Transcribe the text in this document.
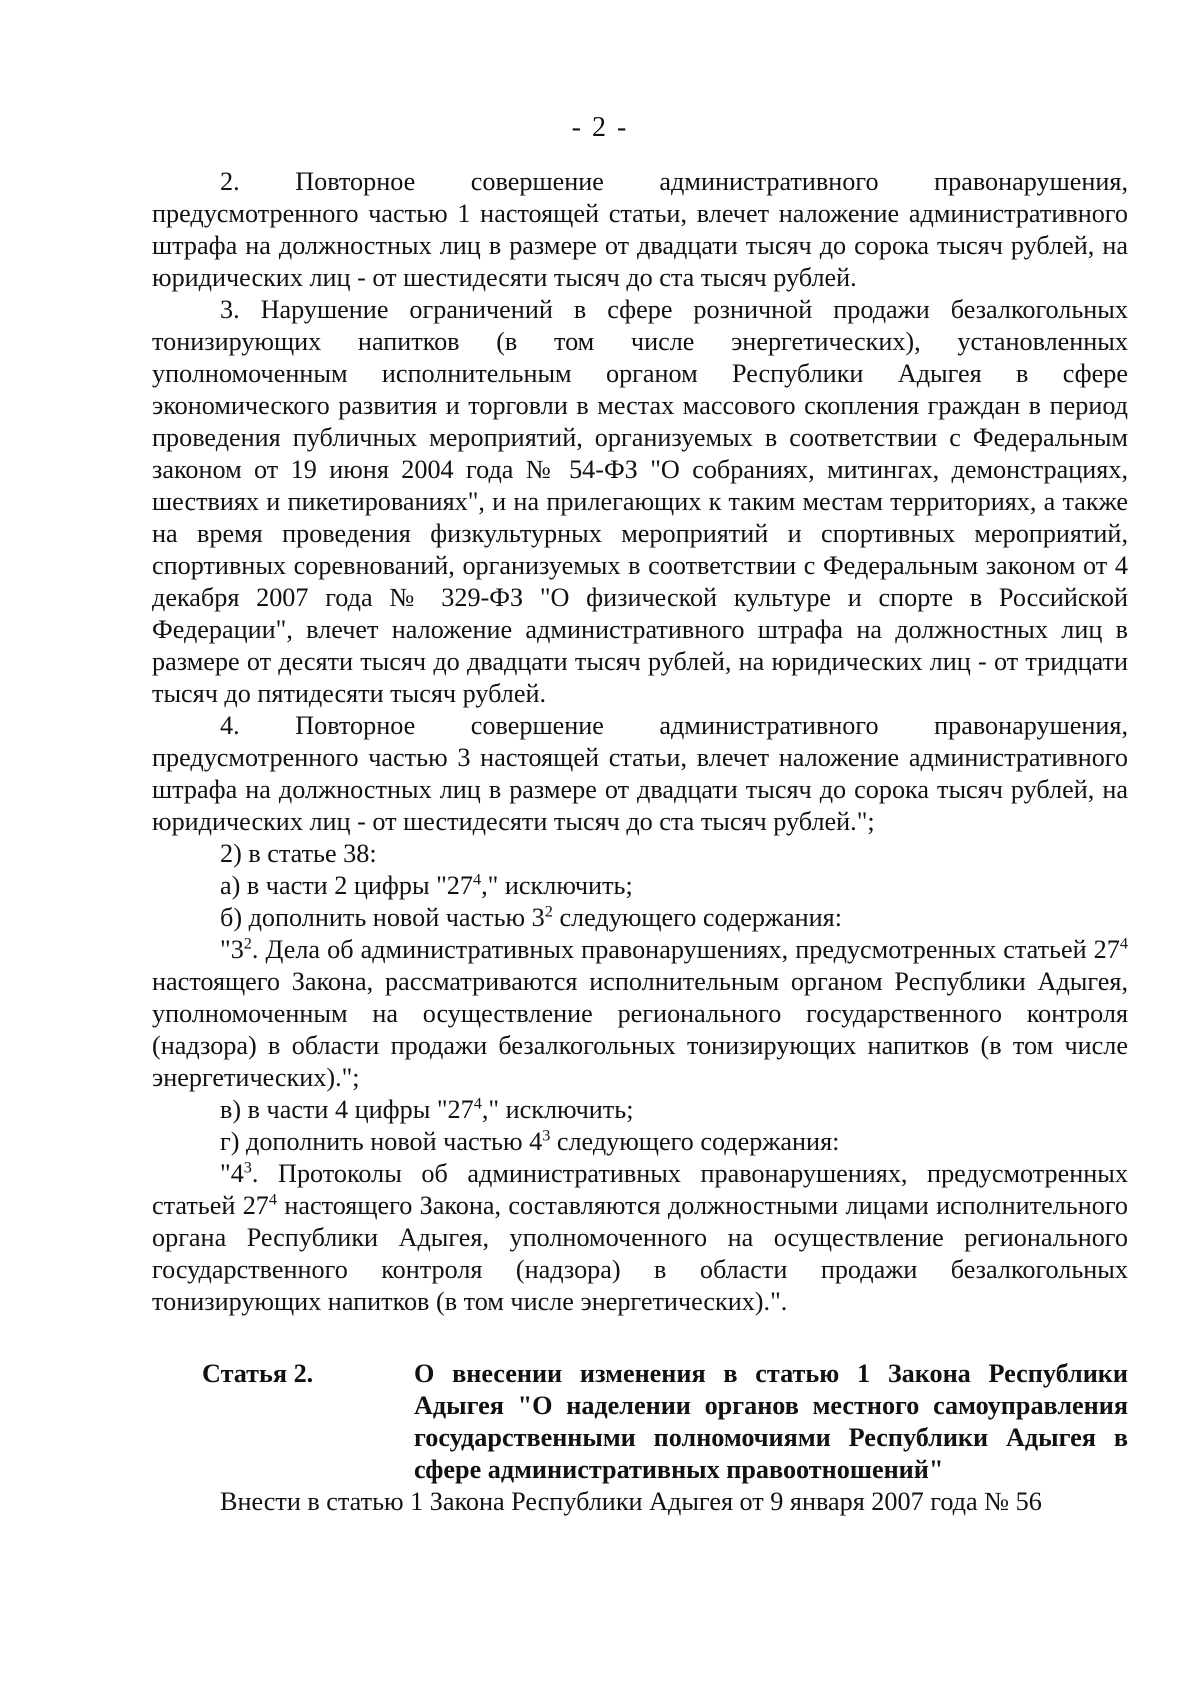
- 2 -

2. Повторное совершение административного правонарушения, предусмотренного частью 1 настоящей статьи, влечет наложение административного штрафа на должностных лиц в размере от двадцати тысяч до сорока тысяч рублей, на юридических лиц - от шестидесяти тысяч до ста тысяч рублей.

3. Нарушение ограничений в сфере розничной продажи безалкогольных тонизирующих напитков (в том числе энергетических), установленных уполномоченным исполнительным органом Республики Адыгея в сфере экономического развития и торговли в местах массового скопления граждан в период проведения публичных мероприятий, организуемых в соответствии с Федеральным законом от 19 июня 2004 года № 54-ФЗ "О собраниях, митингах, демонстрациях, шествиях и пикетированиях", и на прилегающих к таким местам территориях, а также на время проведения физкультурных мероприятий и спортивных мероприятий, спортивных соревнований, организуемых в соответствии с Федеральным законом от 4 декабря 2007 года № 329-ФЗ "О физической культуре и спорте в Российской Федерации", влечет наложение административного штрафа на должностных лиц в размере от десяти тысяч до двадцати тысяч рублей, на юридических лиц - от тридцати тысяч до пятидесяти тысяч рублей.

4. Повторное совершение административного правонарушения, предусмотренного частью 3 настоящей статьи, влечет наложение административного штрафа на должностных лиц в размере от двадцати тысяч до сорока тысяч рублей, на юридических лиц - от шестидесяти тысяч до ста тысяч рублей.";

2) в статье 38:

а) в части 2 цифры "$27^4$," исключить;

б) дополнить новой частью $3^2$ следующего содержания:

"$3^2$. Дела об административных правонарушениях, предусмотренных статьей $27^4$ настоящего Закона, рассматриваются исполнительным органом Республики Адыгея, уполномоченным на осуществление регионального государственного контроля (надзора) в области продажи безалкогольных тонизирующих напитков (в том числе энергетических).";

в) в части 4 цифры "$27^4$," исключить;

г) дополнить новой частью $4^3$ следующего содержания:

"$4^3$. Протоколы об административных правонарушениях, предусмотренных статьей $27^4$ настоящего Закона, составляются должностными лицами исполнительного органа Республики Адыгея, уполномоченного на осуществление регионального государственного контроля (надзора) в области продажи безалкогольных тонизирующих напитков (в том числе энергетических).".

Статья 2.	О внесении изменения в статью 1 Закона Республики Адыгея "О наделении органов местного самоуправления государственными полномочиями Республики Адыгея в сфере административных правоотношений"

Внести в статью 1 Закона Республики Адыгея от 9 января 2007 года № 56
